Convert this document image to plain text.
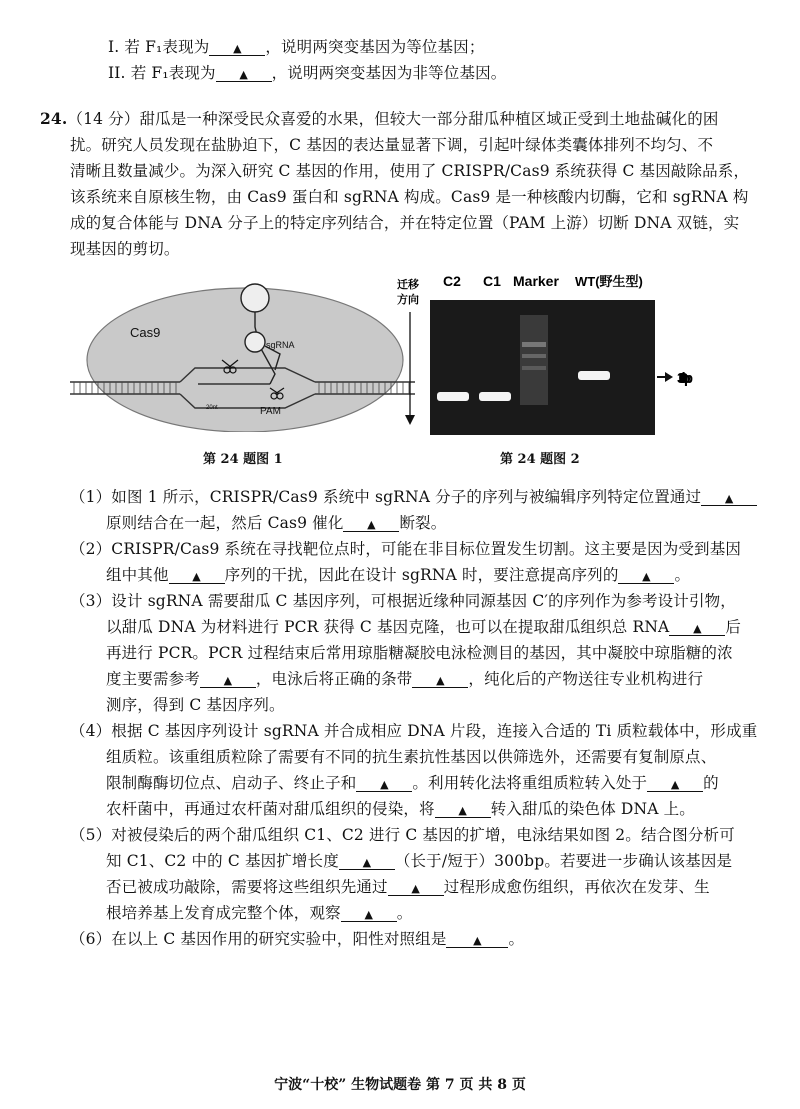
I. 若 F₁表现为 ▲ ，说明两突变基因为等位基因；
II. 若 F₁表现为 ▲ ，说明两突变基因为非等位基因。
24.（14 分）甜瓜是一种深受民众喜爱的水果，但较大一部分甜瓜种植区域正受到土地盐碱化的困
扰。研究人员发现在盐胁迫下，C 基因的表达量显著下调，引起叶绿体类囊体排列不均匀、不
清晰且数量减少。为深入研究 C 基因的作用，使用了 CRISPR/Cas9 系统获得 C 基因敲除品系，
该系统来自原核生物，由 Cas9 蛋白和 sgRNA 构成。Cas9 是一种核酸内切酶，它和 sgRNA 构
成的复合体能与 DNA 分子上的特定序列结合，并在特定位置（PAM 上游）切断 DNA 双链，实
现基因的剪切。
Cas9
sgRNA
PAM
20nt
第 24 题图 1
迁移
方向
C2 C1 Marker WT(野生型)
300bp
第 24 题图 2
（1）如图 1 所示，CRISPR/Cas9 系统中 sgRNA 分子的序列与被编辑序列特定位置通过 ▲
原则结合在一起，然后 Cas9 催化 ▲ 断裂。
（2）CRISPR/Cas9 系统在寻找靶位点时，可能在非目标位置发生切割。这主要是因为受到基因
组中其他 ▲ 序列的干扰，因此在设计 sgRNA 时，要注意提高序列的 ▲ 。
（3）设计 sgRNA 需要甜瓜 C 基因序列，可根据近缘种同源基因 C′的序列作为参考设计引物，
以甜瓜 DNA 为材料进行 PCR 获得 C 基因克隆，也可以在提取甜瓜组织总 RNA ▲ 后
再进行 PCR。PCR 过程结束后常用琼脂糖凝胶电泳检测目的基因，其中凝胶中琼脂糖的浓
度主要需参考 ▲ ，电泳后将正确的条带 ▲ ，纯化后的产物送往专业机构进行
测序，得到 C 基因序列。
（4）根据 C 基因序列设计 sgRNA 并合成相应 DNA 片段，连接入合适的 Ti 质粒载体中，形成重
组质粒。该重组质粒除了需要有不同的抗生素抗性基因以供筛选外，还需要有复制原点、
限制酶酶切位点、启动子、终止子和 ▲ 。利用转化法将重组质粒转入处于 ▲ 的
农杆菌中，再通过农杆菌对甜瓜组织的侵染，将 ▲ 转入甜瓜的染色体 DNA 上。
（5）对被侵染后的两个甜瓜组织 C1、C2 进行 C 基因的扩增，电泳结果如图 2。结合图分析可
知 C1、C2 中的 C 基因扩增长度 ▲ （长于/短于）300bp。若要进一步确认该基因是
否已被成功敲除，需要将这些组织先通过 ▲ 过程形成愈伤组织，再依次在发芽、生
根培养基上发育成完整个体，观察 ▲ 。
（6）在以上 C 基因作用的研究实验中，阳性对照组是 ▲ 。
宁波“十校” 生物试题卷 第 7 页 共 8 页
